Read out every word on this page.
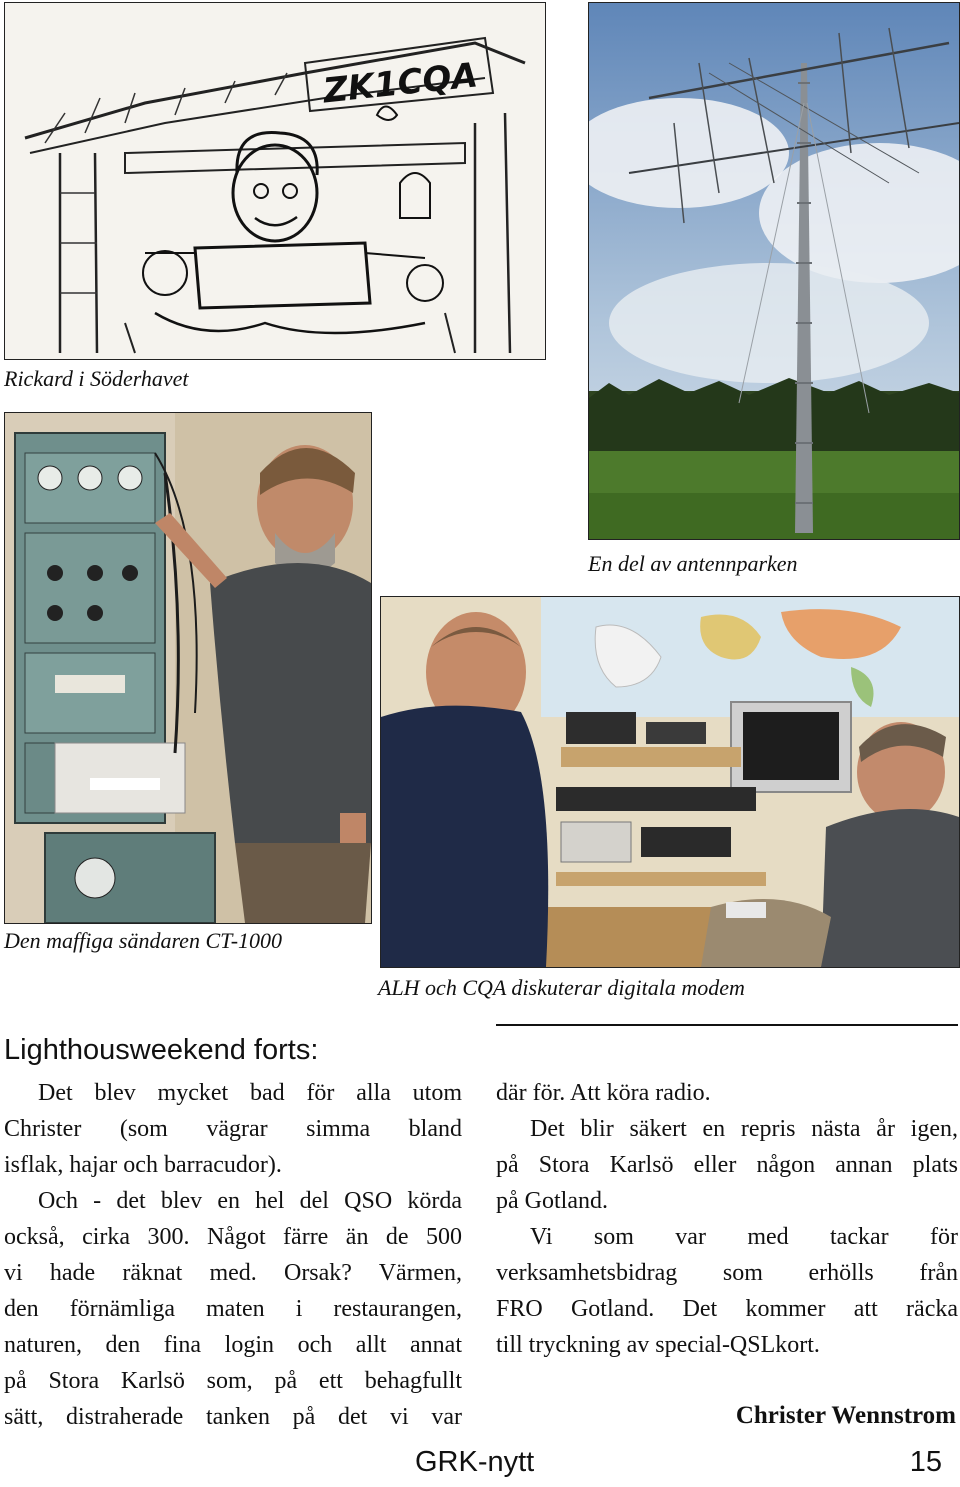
ZK1CQA
Rickard i Söderhavet
En del av antennparken
Den maffiga sändaren CT-1000
ALH och CQA diskuterar digitala modem
Lighthousweekend forts:

Det blev mycket bad för alla utom
Christer (som vägrar simma bland
isflak, hajar och barracudor).

Och - det blev en hel del QSO körda
också, cirka 300. Något färre än de 500
vi hade räknat med. Orsak? Värmen,
den förnämliga maten i restaurangen,
naturen, den fina login och allt annat
på Stora Karlsö som, på ett behagfullt
sätt, distraherade tanken på det vi var

där för. Att köra radio.

Det blir säkert en repris nästa år igen,
på Stora Karlsö eller någon annan plats
på Gotland.

Vi som var med tackar för
verksamhetsbidrag som erhölls från
FRO Gotland. Det kommer att räcka
till tryckning av special-QSLkort.

Christer Wennstrom
GRK-nytt	15
